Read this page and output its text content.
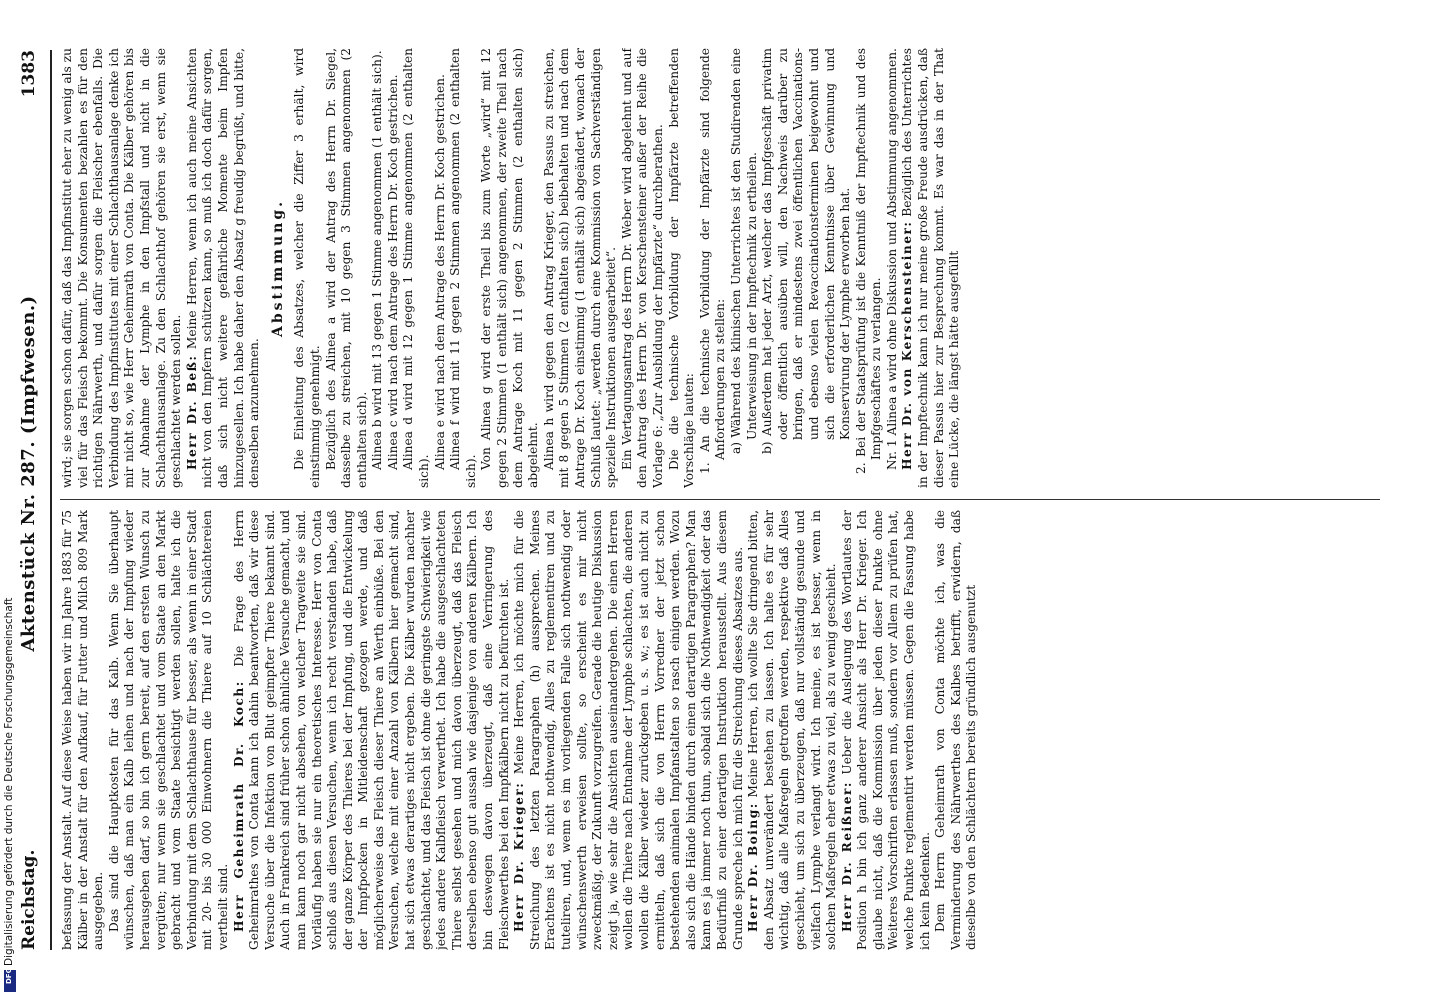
Reichstag.
Aktenstück Nr. 287. (Impfwesen.)
1383

befassung der Anstalt. Auf diese Weise haben wir im Jahre 1883 für 75 Kälber in der Anstalt für den Aufkauf, für Futter und Milch 809 Mark ausgegeben. Das sind die Hauptkosten für das Kalb. Wenn Sie überhaupt wünschen, daß man ein Kalb leihen und nach der Impfung wieder herausgeben darf, so bin ich gern bereit, auf den ersten Wunsch zu vergüten; nur wenn sie geschlachtet und vom Staate an den Markt gebracht und vom Staate besichtigt werden sollen, halte ich die Verbindung mit dem Schlachthause für besser, als wenn in einer Stadt mit 20- bis 30 000 Einwohnern die Thiere auf 10 Schlächtereien vertheilt sind. Herr Geheimrath Dr. Koch: Die Frage des Herrn Geheimrathes von Conta kann ich dahin beantworten, daß wir diese Versuche über die Infektion von Blut geimpfter Thiere bekannt sind. Auch in Frankreich sind früher schon ähnliche Versuche gemacht, und man kann noch gar nicht absehen, von welcher Tragweite sie sind. Vorläufig haben sie nur ein theoretisches Interesse. Herr von Conta schloß aus diesen Versuchen, wenn ich recht verstanden habe, daß der ganze Körper des Thieres bei der Impfung, und die Entwickelung der Impfpocken in Mitleidenschaft gezogen werde, und daß möglicherweise das Fleisch dieser Thiere an Werth einbüße. Bei den Versuchen, welche mit einer Anzahl von Kälbern hier gemacht sind, hat sich etwas derartiges nicht ergeben. Die Kälber wurden nachher geschlachtet, und das Fleisch ist ohne die geringste Schwierigkeit wie jedes andere Kalbfleisch verwerthet. Ich habe die ausgeschlachteten Thiere selbst gesehen und mich davon überzeugt, daß das Fleisch derselben ebenso gut aussah wie dasjenige von anderen Kälbern. Ich bin deswegen davon überzeugt, daß eine Verringerung des Fleischwerthes bei den Impfkälbern nicht zu befürchten ist. Herr Dr. Krieger: Meine Herren, ich möchte mich für die Streichung des letzten Paragraphen (h) aussprechen. Meines Erachtens ist es nicht nothwendig, Alles zu reglementiren und zu tuteliren, und, wenn es im vorliegenden Falle sich nothwendig oder wünschenswerth erweisen sollte, so erscheint es mir nicht zweckmäßig, der Zukunft vorzugreifen. Gerade die heutige Diskussion zeigt ja, wie sehr die Ansichten auseinandergehen. Die einen Herren wollen die Thiere nach Entnahme der Lymphe schlachten, die anderen wollen die Kälber wieder zurückgeben u. s. w.; es ist auch nicht zu ermitteln, daß sich die von Herrn Vorredner der jetzt schon bestehenden animalen Impfanstalten so rasch einigen werden. Wozu also sich die Hände binden durch einen derartigen Paragraphen? Man kann es ja immer noch thun, sobald sich die Nothwendigkeit oder das Bedürfniß zu einer derartigen Instruktion herausstellt. Aus diesem Grunde spreche ich mich für die Streichung dieses Absatzes aus. Herr Dr. Boing: Meine Herren, ich wollte Sie dringend bitten, den Absatz unverändert bestehen zu lassen. Ich halte es für sehr wichtig, daß alle Maßregeln getroffen werden, respektive daß Alles geschieht, um sich zu überzeugen, daß nur vollständig gesunde und vielfach Lymphe verlangt wird. Ich meine, es ist besser, wenn in solchen Maßregeln eher etwas zu viel, als zu wenig geschieht. Herr Dr. Reißner: Ueber die Auslegung des Wortlautes der Position h bin ich ganz anderer Ansicht als Herr Dr. Krieger. Ich glaube nicht, daß die Kommission über jeden dieser Punkte ohne Weiteres Vorschriften erlassen muß, sondern vor Allem zu prüfen hat, welche Punkte reglementirt werden müssen. Gegen die Fassung habe ich kein Bedenken. Dem Herrn Geheimrath von Conta möchte ich, was die Verminderung des Nährwerthes des Kalbes betrifft, erwidern, daß dieselbe von den Schlächtern bereits gründlich ausgenutzt

wird; sie sorgen schon dafür, daß das Impfinstitut eher zu wenig als zu viel für das Fleisch bekommt. Die Konsumenten bezahlen es für den richtigen Nährwerth, und dafür sorgen die Fleischer ebenfalls. Die Verbindung des Impfinstitutes mit einer Schlachthausanlage denke ich mir nicht so, wie Herr Geheimrath von Conta. Die Kälber gehören bis zur Abnahme der Lymphe in den Impfstall und nicht in die Schlachthausanlage. Zu den Schlachthof gehören sie erst, wenn sie geschlachtet werden sollen. Herr Dr. Beß: Meine Herren, wenn ich auch meine Ansichten nicht von den Impfern schützen kann, so muß ich doch dafür sorgen, daß sich nicht weitere gefährliche Momente beim Impfen hinzugesellen. Ich habe daher den Absatz g freudig begrüßt, und bitte, denselben anzunehmen.

Abstimmung. Die Einleitung des Absatzes, welcher die Ziffer 3 erhält, wird einstimmig genehmigt. Bezüglich des Alinea a wird der Antrag des Herrn Dr. Siegel, dasselbe zu streichen, mit 10 gegen 3 Stimmen angenommen (2 enthalten sich). Alinea b wird mit 13 gegen 1 Stimme angenommen (1 enthält sich). Alinea c wird nach dem Antrage des Herrn Dr. Koch gestrichen. Alinea d wird mit 12 gegen 1 Stimme angenommen (2 enthalten sich).

Alinea e wird nach dem Antrage des Herrn Dr. Koch gestrichen. Alinea f wird mit 11 gegen 2 Stimmen angenommen (2 enthalten sich).

Von Alinea g wird der erste Theil bis zum Worte „wird“ mit 12 gegen 2 Stimmen (1 enthält sich) angenommen, der zweite Theil nach dem Antrage Koch mit 11 gegen 2 Stimmen (2 enthalten sich) abgelehnt. Alinea h wird gegen den Antrag Krieger, den Passus zu streichen, mit 8 gegen 5 Stimmen (2 enthalten sich) beibehalten und nach dem Antrage Dr. Koch einstimmig (1 enthält sich) abgeändert, wonach der Schluß lautet: „werden durch eine Kommission von Sachverständigen spezielle Instruktionen ausgearbeitet“. Ein Vertagungsantrag des Herrn Dr. Weber wird abgelehnt und auf den Antrag des Herrn Dr. von Kerschensteiner außer der Reihe die Vorlage 6: „Zur Ausbildung der Impfärzte“ durchberathen. Die die technische Vorbildung der Impfärzte betreffenden Vorschläge lauten: 1. An die technische Vorbildung der Impfärzte sind folgende Anforderungen zu stellen: a) Während des klinischen Unterrichtes ist den Studirenden eine Unterweisung in der Impftechnik zu ertheilen. b) Außerdem hat jeder Arzt, welcher das Impfgeschäft privatim oder öffentlich ausüben will, den Nachweis darüber zu bringen, daß er mindestens zwei öffentlichen Vaccinations- und ebenso vielen Revaccinationsterminen beigewohnt und sich die erforderlichen Kenntnisse über Gewinnung und Konservirung der Lymphe erworben hat. 2. Bei der Staatsprüfung ist die Kenntniß der Impftechnik und des Impfgeschäftes zu verlangen. Nr. 1 Alinea a wird ohne Diskussion und Abstimmung angenommen. Herr Dr. von Kerschensteiner: Bezüglich des Unterrichtes in der Impftechnik kann ich nur meine große Freude ausdrücken, daß dieser Passus hier zur Besprechung kommt. Es war das in der That eine Lücke, die längst hätte ausgefüllt

Digitalisierung gefördert durch die Deutsche Forschungsgemeinschaft
DFG
